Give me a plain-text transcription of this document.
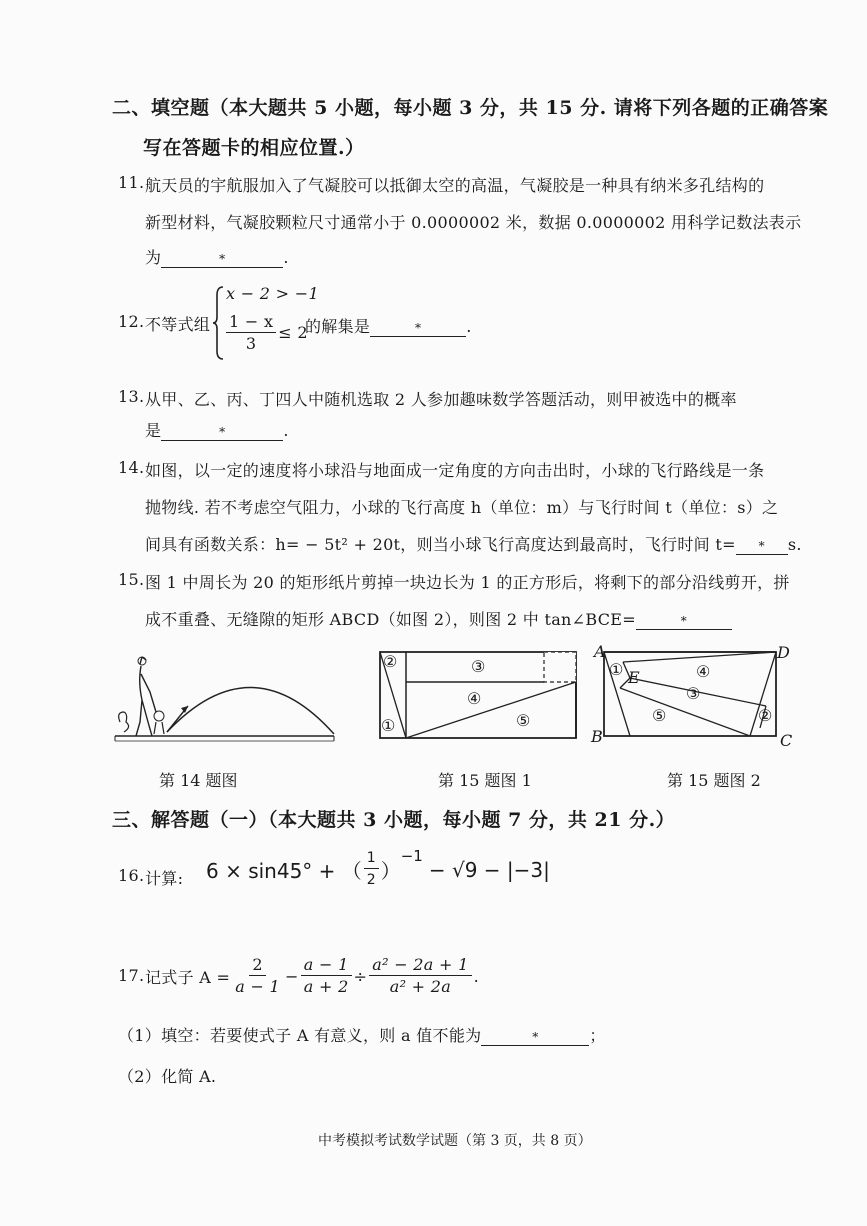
二、填空题（本大题共 5 小题，每小题 3 分，共 15 分. 请将下列各题的正确答案
写在答题卡的相应位置.）
11. 航天员的宇航服加入了气凝胶可以抵御太空的高温，气凝胶是一种具有纳米多孔结构的
新型材料，气凝胶颗粒尺寸通常小于 0.0000002 米，数据 0.0000002 用科学记数法表示
为	*	.
12. 不等式组
x − 2 > −1
$\frac{1 - x}{3} \le 2$
的解集是	*	.
13. 从甲、乙、丙、丁四人中随机选取 2 人参加趣味数学答题活动，则甲被选中的概率
是	*	.
14. 如图，以一定的速度将小球沿与地面成一定角度的方向击出时，小球的飞行路线是一条
抛物线. 若不考虑空气阻力，小球的飞行高度 h（单位：m）与飞行时间 t（单位：s）之
间具有函数关系：h= − 5t² + 20t，则当小球飞行高度达到最高时，飞行时间 t= * s.
15. 图 1 中周长为 20 的矩形纸片剪掉一块边长为 1 的正方形后，将剩下的部分沿线剪开，拼
成不重叠、无缝隙的矩形 ABCD（如图 2），则图 2 中 tan∠BCE=	*
第 14 题图
②	③
④
①	⑤
第 15 题图 1
A	D
B	C
E
①	④
③
⑤	②
第 15 题图 2
三、解答题（一）（本大题共 3 小题，每小题 7 分，共 21 分.）
16. 计算: 6 × sin45° + （ $\frac{1}{2}$ ）
$^{-1}$
− √9 − |−3|
17. 记式子 $A = \frac{2}{a - 1} - \frac{a - 1}{a + 2} \div \frac{\text{a² − 2a + 1}}{\text{a² + 2a}}$ .
（1）填空：若要使式子 A 有意义，则 a 值不能为	*	；
（2）化简 A.
中考模拟考试数学试题（第 3 页，共 8 页）
